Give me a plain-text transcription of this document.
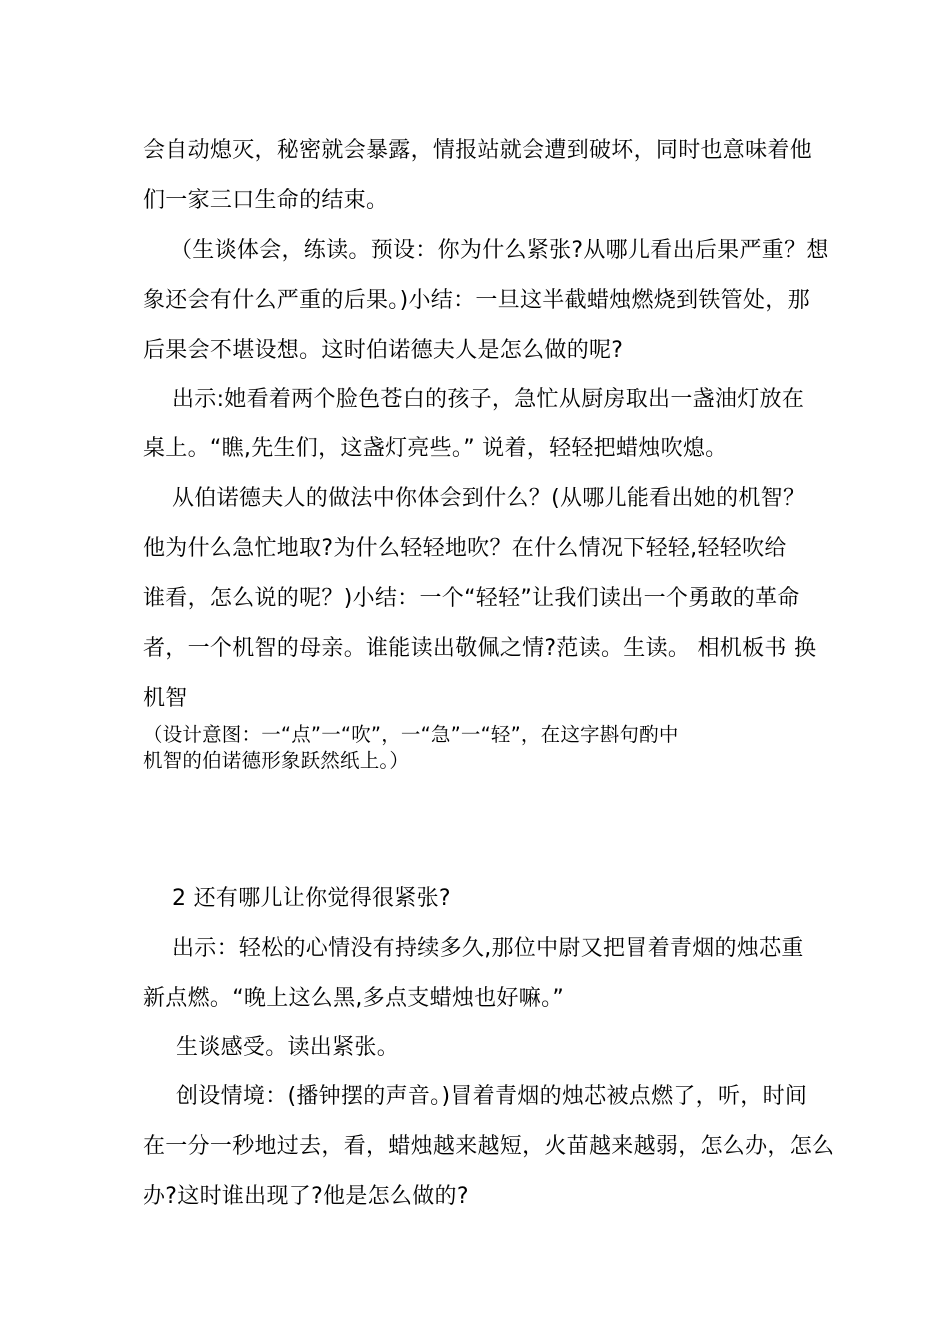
会自动熄灭，秘密就会暴露，情报站就会遭到破坏，同时也意味着他
们一家三口生命的结束。
（生谈体会，练读。预设：你为什么紧张?从哪儿看出后果严重？想
象还会有什么严重的后果。)小结：一旦这半截蜡烛燃烧到铁管处，那
后果会不堪设想。这时伯诺德夫人是怎么做的呢?
出示:她看着两个脸色苍白的孩子，急忙从厨房取出一盏油灯放在
桌上。“瞧,先生们，这盏灯亮些。” 说着，轻轻把蜡烛吹熄。
从伯诺德夫人的做法中你体会到什么？(从哪儿能看出她的机智？
他为什么急忙地取?为什么轻轻地吹？在什么情况下轻轻,轻轻吹给
谁看，怎么说的呢？)小结：一个“轻轻”让我们读出一个勇敢的革命
者，一个机智的母亲。谁能读出敬佩之情?范读。生读。 相机板书 换
机智
（设计意图：一“点”一“吹”，一“急”一“轻”，在这字斟句酌中
机智的伯诺德形象跃然纸上。）
2 还有哪儿让你觉得很紧张?
出示：轻松的心情没有持续多久,那位中尉又把冒着青烟的烛芯重
新点燃。“晚上这么黑,多点支蜡烛也好嘛。”
生谈感受。读出紧张。
创设情境：(播钟摆的声音。)冒着青烟的烛芯被点燃了，听，时间
在一分一秒地过去，看，蜡烛越来越短，火苗越来越弱，怎么办，怎么
办?这时谁出现了?他是怎么做的?
